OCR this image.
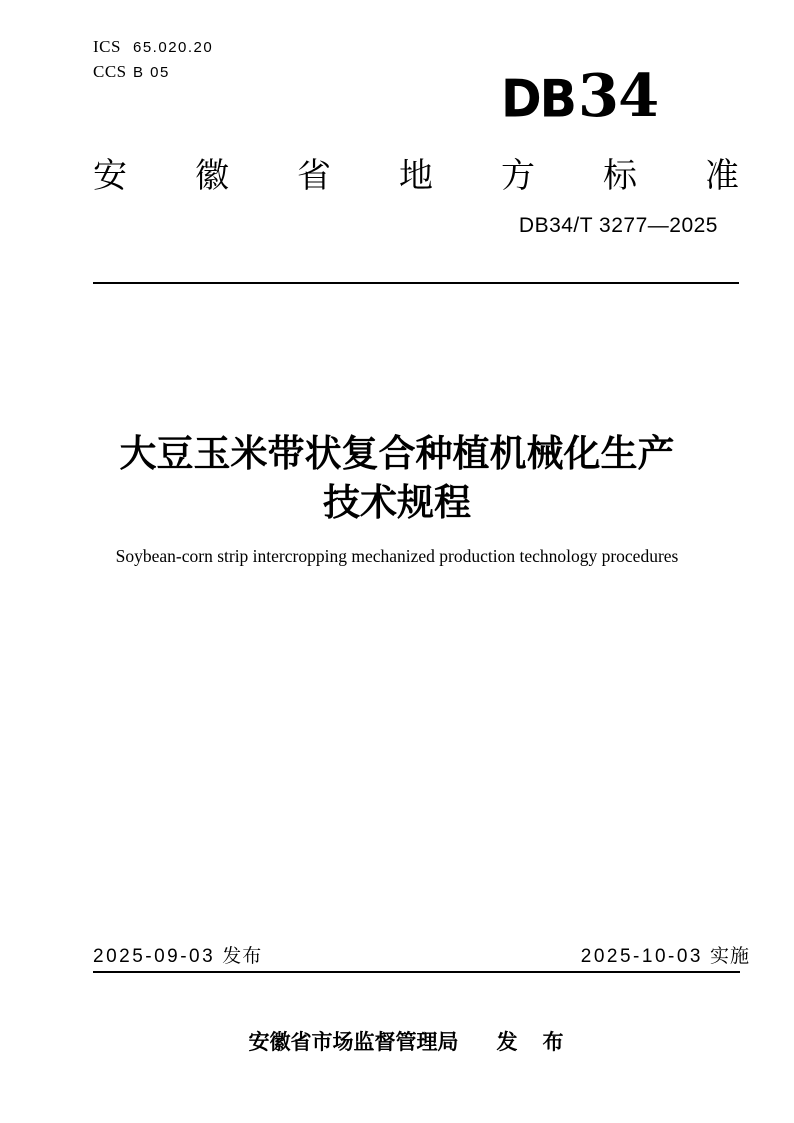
ICS 65.020.20
CCS B 05	DB 34
安 徽 省 地 方 标 准
DB34/T 3277—2025
大豆玉米带状复合种植机械化生产
技术规程
Soybean-corn strip intercropping mechanized production technology procedures
2025-09-03 发布	2025-10-03 实施
安徽省市场监督管理局 发　布
